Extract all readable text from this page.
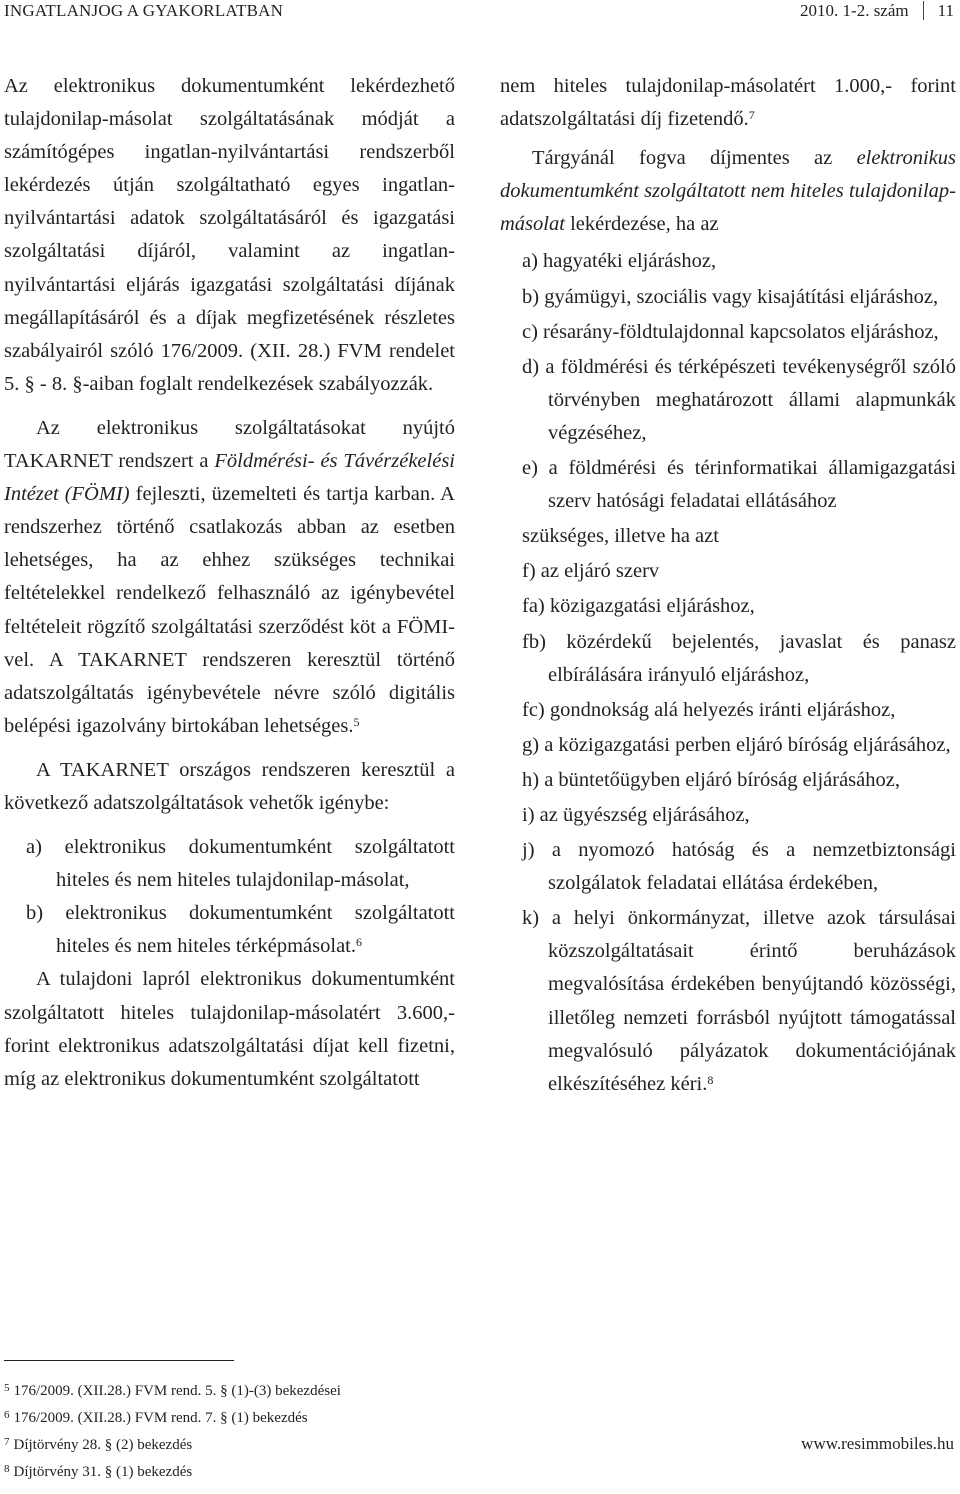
INGATLANJOG A GYAKORLATBAN	2010. 1-2. szám 11

Az elektronikus dokumentumként lekérdezhető tulajdonilap-másolat szolgáltatásának módját a számítógépes ingatlan-nyilvántartási rendszerből lekérdezés útján szolgáltatható egyes ingatlan-nyilvántartási adatok szolgáltatásáról és igazgatási szolgáltatási díjáról, valamint az ingatlan-nyilvántartási eljárás igazgatási szolgáltatási díjának megállapításáról és a díjak megfizetésének részletes szabályairól szóló 176/2009. (XII. 28.) FVM rendelet 5. § - 8. §-aiban foglalt rendelkezések szabályozzák.

Az elektronikus szolgáltatásokat nyújtó TAKARNET rendszert a Földmérési- és Távérzékelési Intézet (FÖMI) fejleszti, üzemelteti és tartja karban. A rendszerhez történő csatlakozás abban az esetben lehetséges, ha az ehhez szükséges technikai feltételekkel rendelkező felhasználó az igénybevétel feltételeit rögzítő szolgáltatási szerződést köt a FÖMI-vel. A TAKARNET rendszeren keresztül történő adatszolgáltatás igénybevétele névre szóló digitális belépési igazolvány birtokában lehetséges.$^5$

A TAKARNET országos rendszeren keresztül a következő adatszolgáltatások vehetők igénybe:

a) elektronikus dokumentumként szolgáltatott hiteles és nem hiteles tulajdonilap-másolat,

b) elektronikus dokumentumként szolgáltatott hiteles és nem hiteles térképmásolat.$^6$

A tulajdoni lapról elektronikus dokumentumként szolgáltatott hiteles tulajdonilap-másolatért 3.600,- forint elektronikus adatszolgáltatási díjat kell fizetni, míg az elektronikus dokumentumként szolgáltatott

nem hiteles tulajdonilap-másolatért 1.000,- forint adatszolgáltatási díj fizetendő.$^7$

Tárgyánál fogva díjmentes az elektronikus dokumentumként szolgáltatott nem hiteles tulajdonilap-másolat lekérdezése, ha az

a) hagyatéki eljáráshoz,

b) gyámügyi, szociális vagy kisajátítási eljáráshoz,

c) résarány-földtulajdonnal kapcsolatos eljáráshoz,

d) a földmérési és térképészeti tevékenységről szóló törvényben meghatározott állami alapmunkák végzéséhez,

e) a földmérési és térinformatikai államigazgatási szerv hatósági feladatai ellátásához

szükséges, illetve ha azt

f) az eljáró szerv

fa) közigazgatási eljáráshoz,

fb) közérdekű bejelentés, javaslat és panasz elbírálására irányuló eljáráshoz,

fc) gondnokság alá helyezés iránti eljáráshoz,

g) a közigazgatási perben eljáró bíróság eljárásához,

h) a büntetőügyben eljáró bíróság eljárásához,

i) az ügyészség eljárásához,

j) a nyomozó hatóság és a nemzetbiztonsági szolgálatok feladatai ellátása érdekében,

k) a helyi önkormányzat, illetve azok társulásai közszolgáltatásait érintő beruházások megvalósítása érdekében benyújtandó közösségi, illetőleg nemzeti forrásból nyújtott támogatással megvalósuló pályázatok dokumentációjának elkészítéséhez kéri.$^8$

$^5$ 176/2009. (XII.28.) FVM rend. 5. § (1)-(3) bekezdései
$^6$ 176/2009. (XII.28.) FVM rend. 7. § (1) bekezdés
$^7$ Díjtörvény 28. § (2) bekezdés
$^8$ Díjtörvény 31. § (1) bekezdés
www.resimmobiles.hu
